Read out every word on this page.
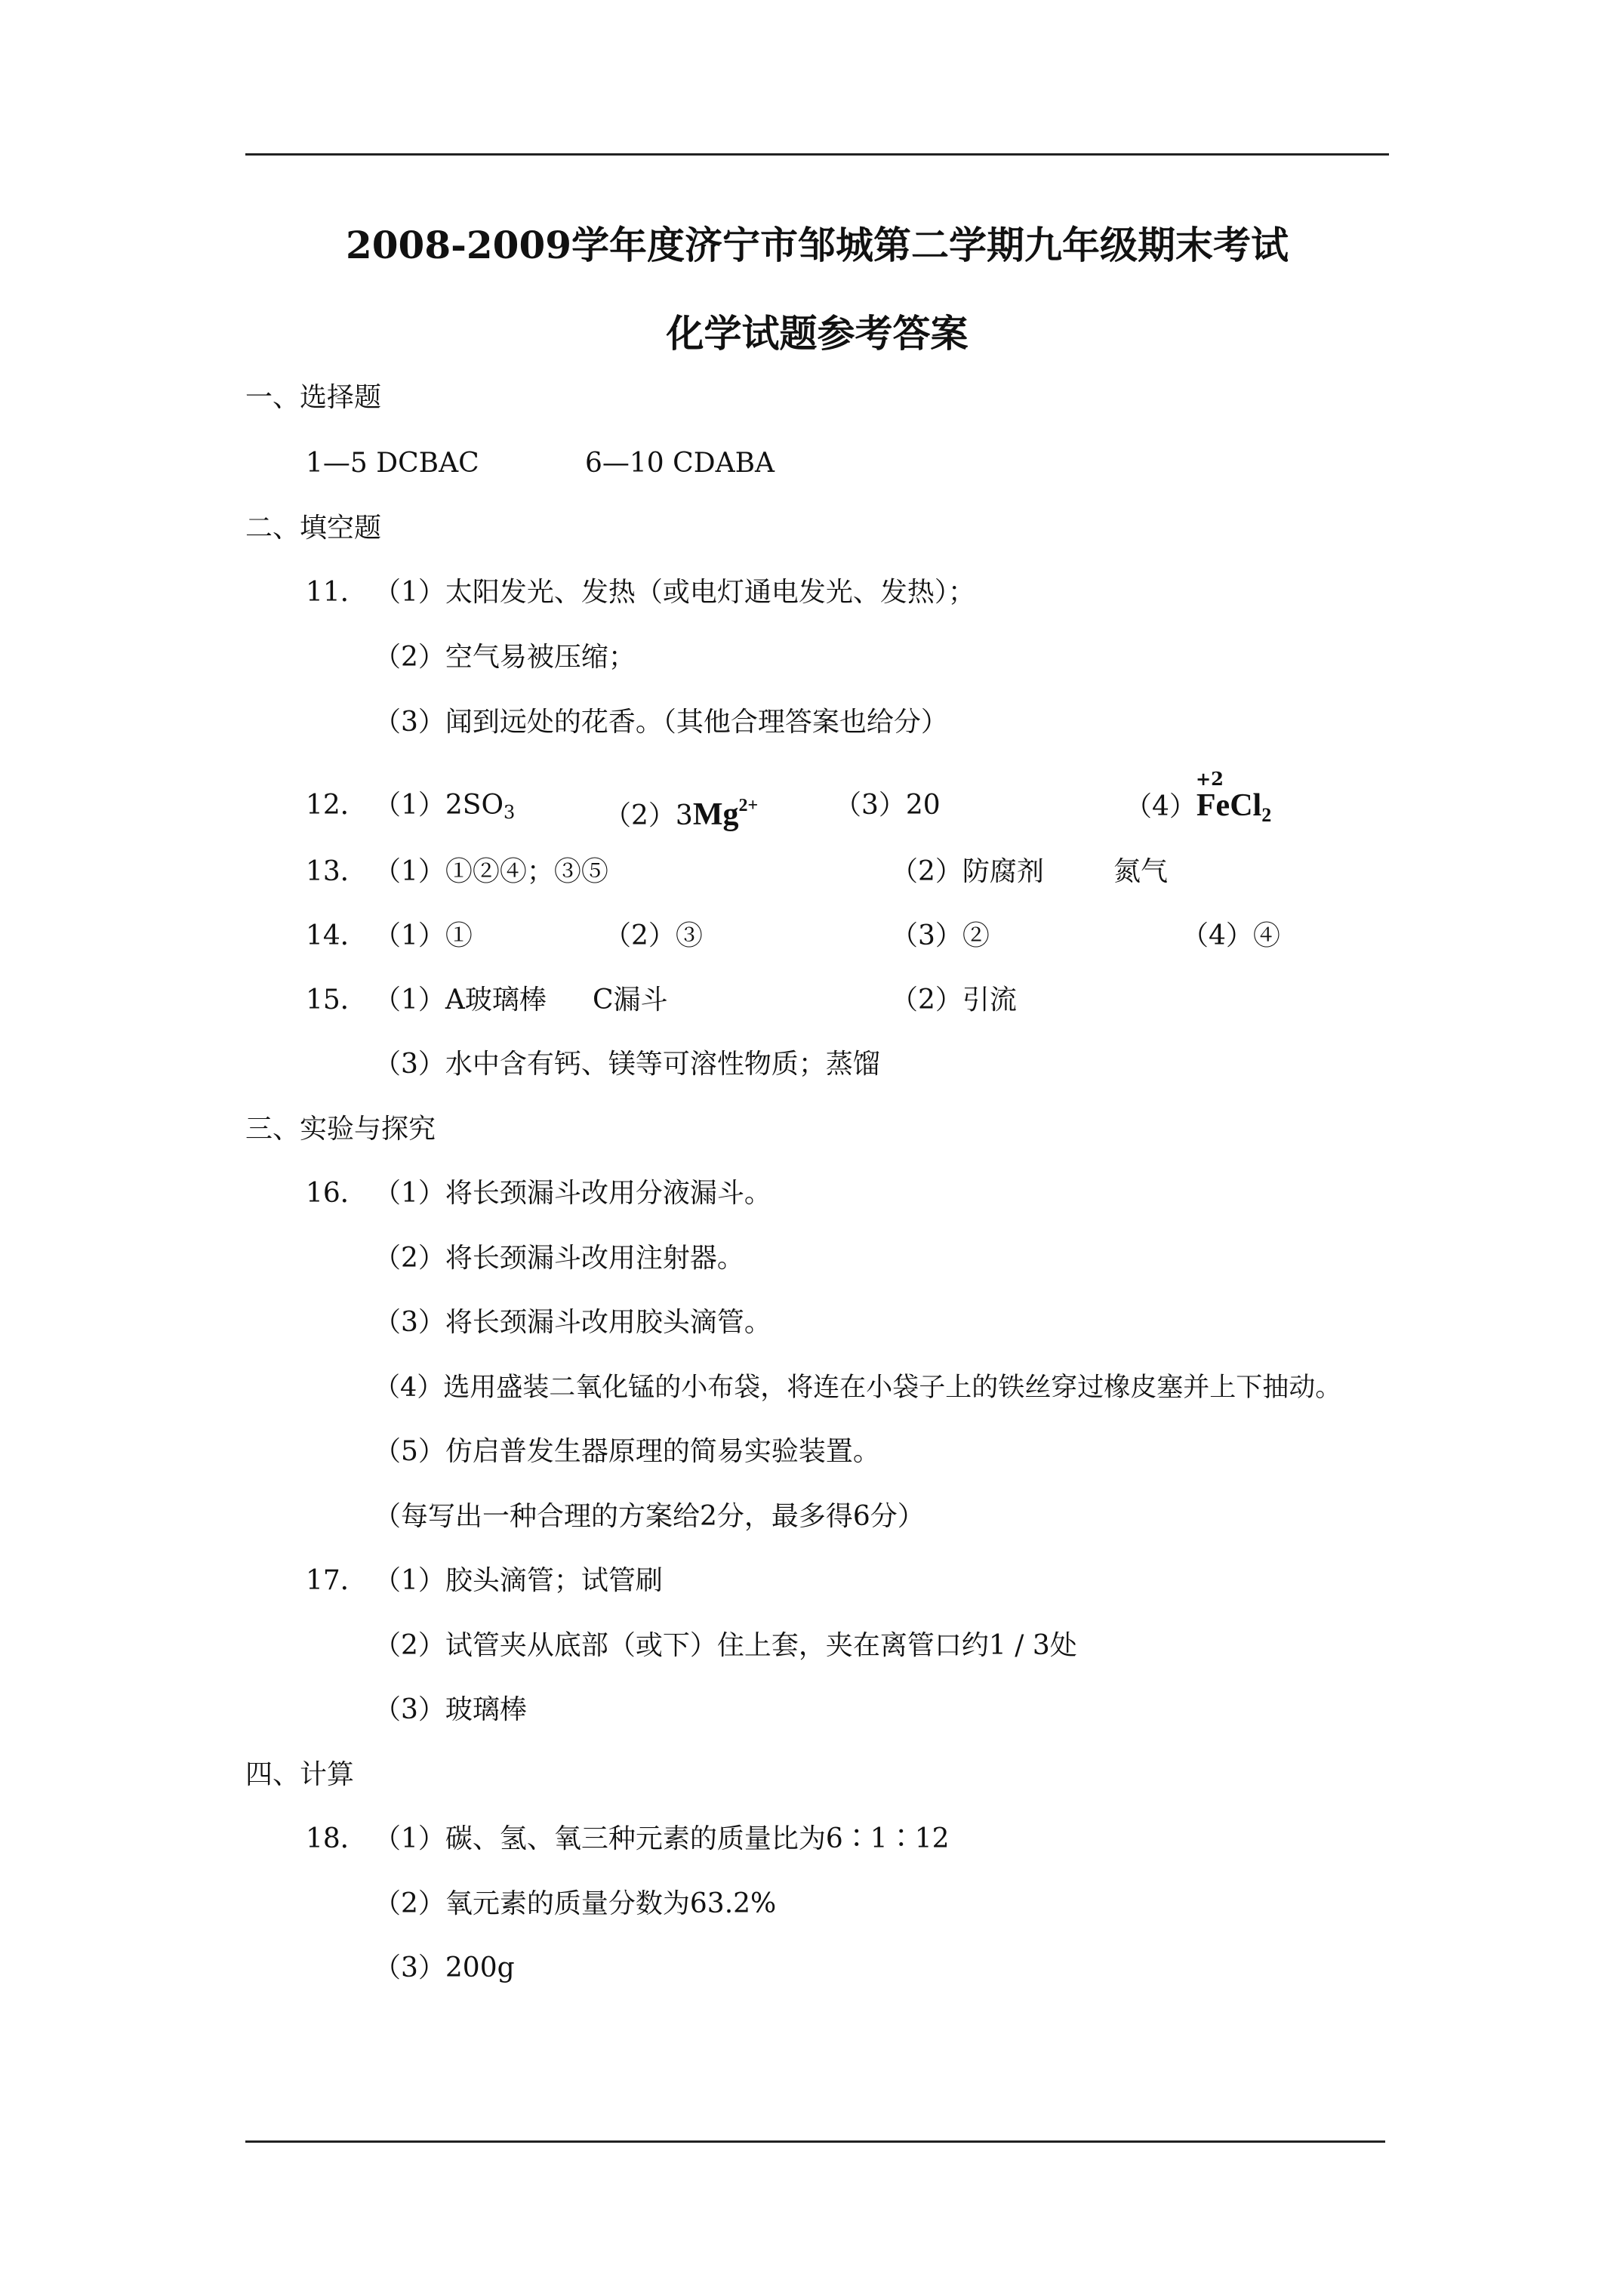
2008-2009学年度济宁市邹城第二学期九年级期末考试
化学试题参考答案
一、选择题
1—5 DCBAC	6—10 CDABA
二、填空题
11． （1）太阳发光、发热（或电灯通电发光、发热）；
（2）空气易被压缩；
（3）闻到远处的花香。（其他合理答案也给分）
12． （1）2SO3	$(2)3Mg^{2+}$	（3）20	（4）FeCl$_2$
+2
13． （1）①②④；③⑤	（2）防腐剂	氮气
14． （1）①	（2）③	（3）②	（4）④
15． （1）A玻璃棒 C漏斗	（2）引流
（3）水中含有钙、镁等可溶性物质；蒸馏
三、实验与探究
16． （1）将长颈漏斗改用分液漏斗。
（2）将长颈漏斗改用注射器。
（3）将长颈漏斗改用胶头滴管。
（4）选用盛装二氧化锰的小布袋，将连在小袋子上的铁丝穿过橡皮塞并上下抽动。
（5）仿启普发生器原理的简易实验装置。
（每写出一种合理的方案给2分，最多得6分）
17． （1）胶头滴管；试管刷
（2）试管夹从底部（或下）住上套，夹在离管口约1 / 3处
（3）玻璃棒
四、计算
18． （1）碳、氢、氧三种元素的质量比为6∶1∶12
（2）氧元素的质量分数为63.2%
（3）200g
